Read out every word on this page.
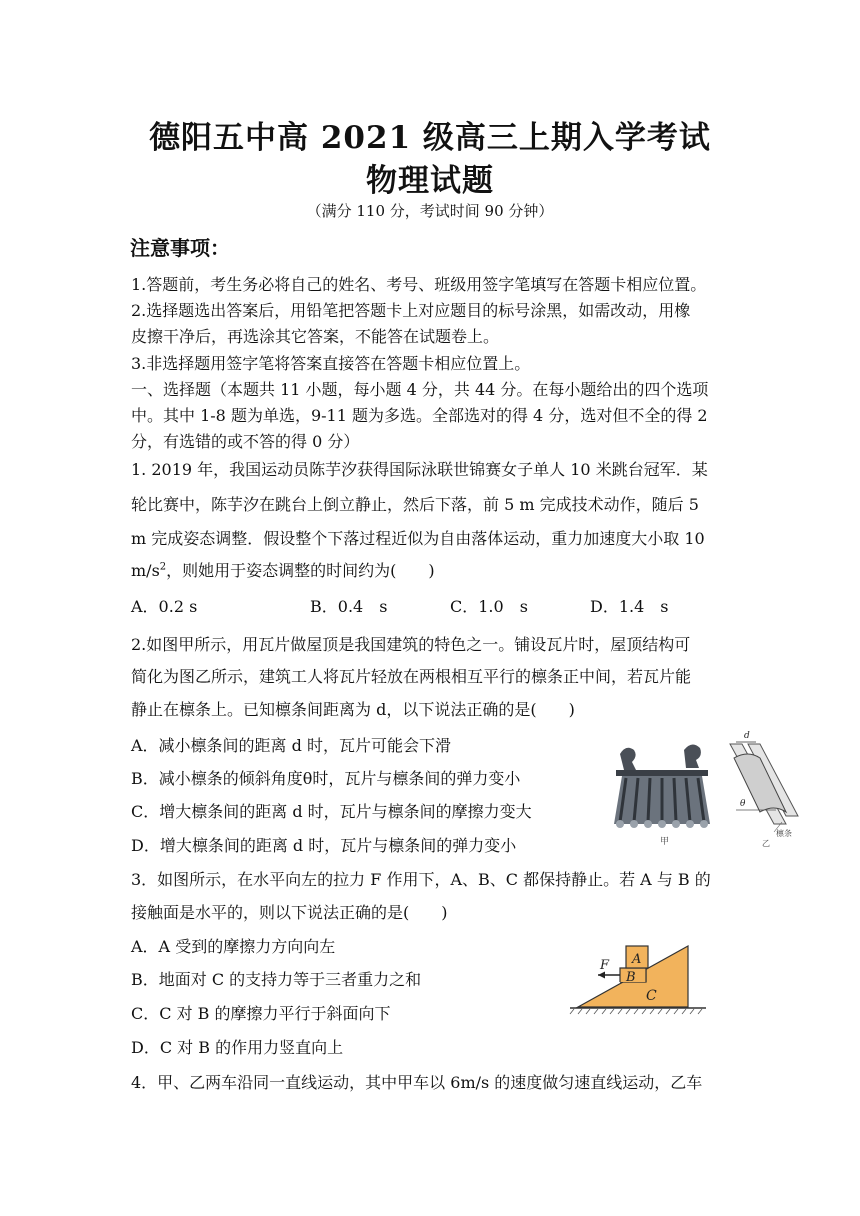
德阳五中高 2021 级高三上期入学考试
物理试题
（满分 110 分，考试时间 90 分钟）
注意事项：
1.答题前，考生务必将自己的姓名、考号、班级用签字笔填写在答题卡相应位置。
2.选择题选出答案后，用铅笔把答题卡上对应题目的标号涂黑，如需改动，用橡
皮擦干净后，再选涂其它答案，不能答在试题卷上。
3.非选择题用签字笔将答案直接答在答题卡相应位置上。
一、选择题（本题共 11 小题，每小题 4 分，共 44 分。在每小题给出的四个选项
中。其中 1-8 题为单选，9-11 题为多选。全部选对的得 4 分，选对但不全的得 2
分，有选错的或不答的得 0 分）
1. 2019 年，我国运动员陈芋汐获得国际泳联世锦赛女子单人 10 米跳台冠军．某
轮比赛中，陈芋汐在跳台上倒立静止，然后下落，前 5 m 完成技术动作，随后 5
m 完成姿态调整．假设整个下落过程近似为自由落体运动，重力加速度大小取 10
$m/s^2$，则她用于姿态调整的时间约为(　　)
A．0.2 s	B．0.4　s	C．1.0　s	D．1.4　s
2.如图甲所示，用瓦片做屋顶是我国建筑的特色之一。铺设瓦片时，屋顶结构可
简化为图乙所示，建筑工人将瓦片轻放在两根相互平行的檩条正中间，若瓦片能
静止在檩条上。已知檩条间距离为 d，以下说法正确的是(　　)
A．减小檩条间的距离 d 时，瓦片可能会下滑
B．减小檩条的倾斜角度θ时，瓦片与檩条间的弹力变小
C．增大檩条间的距离 d 时，瓦片与檩条间的摩擦力变大
D．增大檩条间的距离 d 时，瓦片与檩条间的弹力变小	甲
d
θ
乙
檩条
3．如图所示，在水平向左的拉力 F 作用下，A、B、C 都保持静止。若 A 与 B 的
接触面是水平的，则以下说法正确的是(　　)
A．A 受到的摩擦力方向向左
B．地面对 C 的支持力等于三者重力之和
C．C 对 B 的摩擦力平行于斜面向下
D．C 对 B 的作用力竖直向上
F A
B
C
4．甲、乙两车沿同一直线运动，其中甲车以 6m/s 的速度做匀速直线运动，乙车
